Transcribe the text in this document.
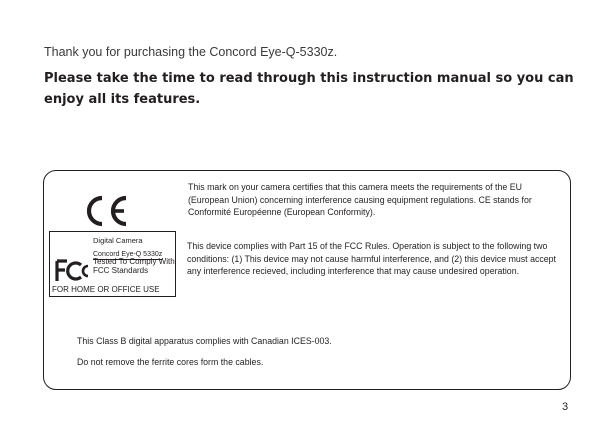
Thank you for purchasing the Concord Eye-Q-5330z.
Please take the time to read through this instruction manual so you can enjoy all its features.
Digital Camera
Concord Eye-Q 5330z
Tested To Comply With FCC Standards
FOR HOME OR OFFICE USE
This mark on your camera certifies that this camera meets the requirements of the EU (European Union) concerning interference causing equipment regulations. CE stands for Conformité Européenne (European Conformity).
This device complies with Part 15 of the FCC Rules. Operation is subject to the following two conditions: (1) This device may not cause harmful interference, and (2) this device must accept any interference recieved, including interference that may cause undesired operation.
This Class B digital apparatus complies with Canadian ICES-003.
Do not remove the ferrite cores form the cables.
3
